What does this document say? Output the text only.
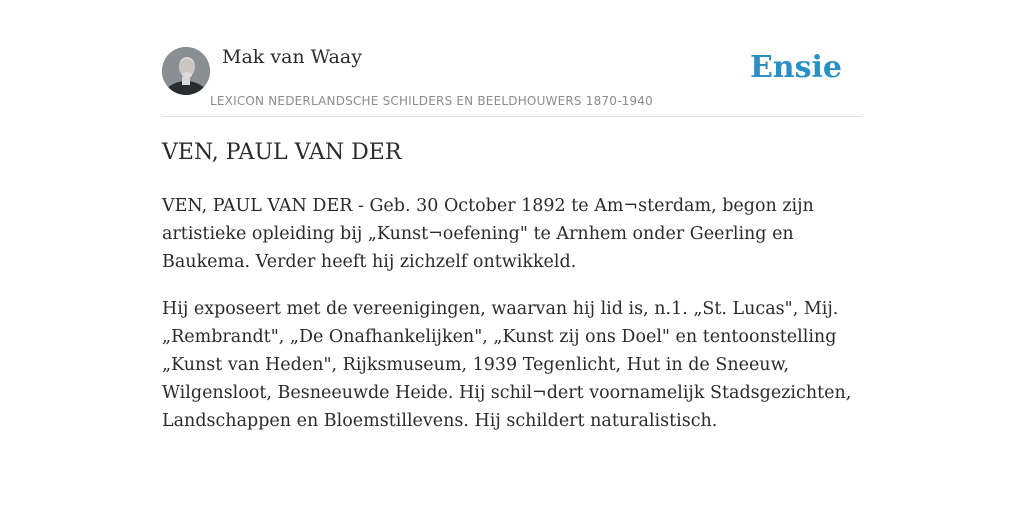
Mak van Waay
LEXICON NEDERLANDSCHE SCHILDERS EN BEELDHOUWERS 1870-1940
Ensie
VEN, PAUL VAN DER

VEN, PAUL VAN DER - Geb. 30 October 1892 te Am¬sterdam, begon zijn artistieke opleiding bij „Kunst¬oefening" te Arnhem onder Geerling en Baukema. Verder heeft hij zichzelf ontwikkeld.

Hij exposeert met de vereenigingen, waarvan hij lid is, n.1. „St. Lucas", Mij. „Rembrandt", „De Onafhankelijken", „Kunst zij ons Doel" en tentoonstelling „Kunst van Heden", Rijksmuseum, 1939 Tegenlicht, Hut in de Sneeuw, Wilgensloot, Besneeuwde Heide. Hij schil¬dert voornamelijk Stadsgezichten, Landschappen en Bloemstillevens. Hij schildert naturalistisch.
